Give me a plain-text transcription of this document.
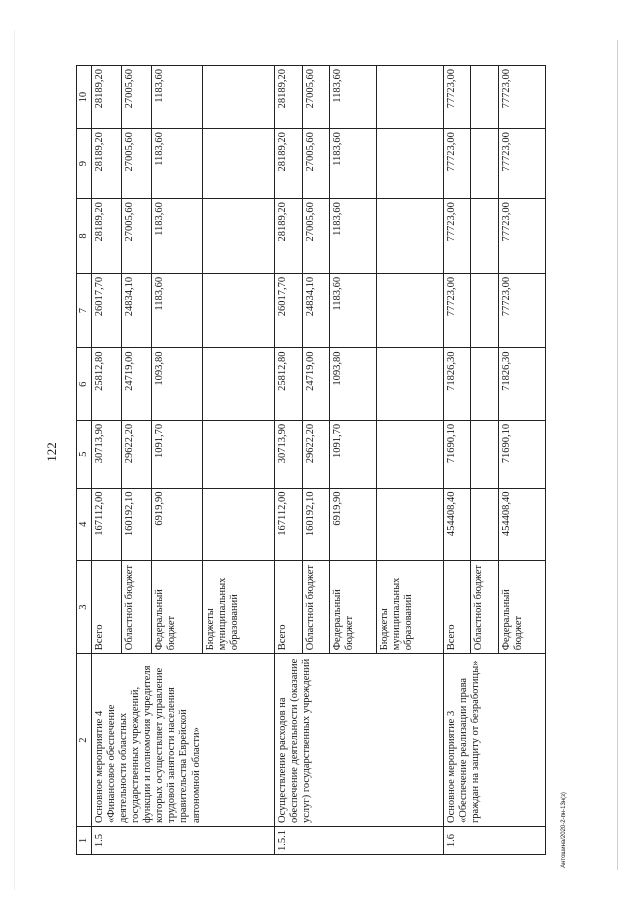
122
Антошина/2020-2-пн-13н(з)
1	2	3	4	5	6	7	8	9	10
1.5	Основное мероприятие 4 «Финансовое обеспечение деятельности областных государственных учреждений, функции и полномочия учредителя которых осуществляет управление трудовой занятости населения правительства Еврейской автономной области»	Всего	167112,00	30713,90	25812,80	26017,70	28189,20	28189,20	28189,20
		Областной бюджет	160192,10	29622,20	24719,00	24834,10	27005,60	27005,60	27005,60
		Федеральный бюджет	6919,90	1091,70	1093,80	1183,60	1183,60	1183,60	1183,60
		Бюджеты муниципальных образований							
1.5.1	Осуществление расходов на обеспечение деятельности (оказание услуг) государственных учреждений	Всего	167112,00	30713,90	25812,80	26017,70	28189,20	28189,20	28189,20
		Областной бюджет	160192,10	29622,20	24719,00	24834,10	27005,60	27005,60	27005,60
		Федеральный бюджет	6919,90	1091,70	1093,80	1183,60	1183,60	1183,60	1183,60
		Бюджеты муниципальных образований							
1.6	Основное мероприятие 3 «Обеспечение реализации права граждан на защиту от безработицы»	Всего	454408,40	71690,10	71826,30	77723,00	77723,00	77723,00	77723,00
		Областной бюджет							
		Федеральный бюджет	454408,40	71690,10	71826,30	77723,00	77723,00	77723,00	77723,00
